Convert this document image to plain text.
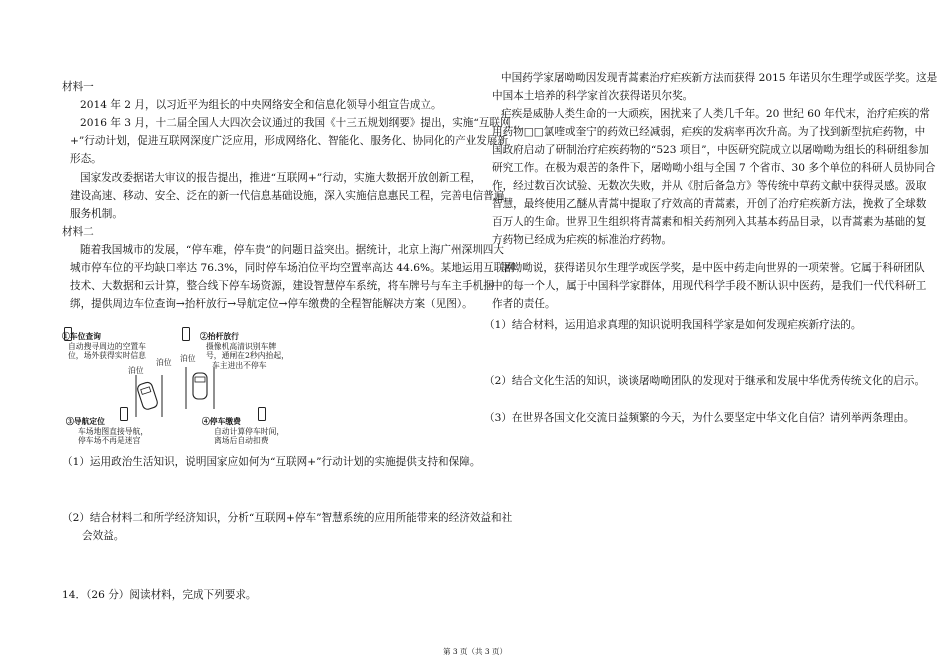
材料一
2014 年 2 月，以习近平为组长的中央网络安全和信息化领导小组宣告成立。
2016 年 3 月，十二届全国人大四次会议通过的我国《十三五规划纲要》提出，实施“互联网
+”行动计划，促进互联网深度广泛应用，形成网络化、智能化、服务化、协同化的产业发展新
形态。
国家发改委据诺大审议的报告提出，推进“互联网+”行动，实施大数据开放创新工程，
建设高速、移动、安全、泛在的新一代信息基础设施，深入实施信息惠民工程，完善电信普遍
服务机制。
材料二
随着我国城市的发展，“停车难，停车贵”的问题日益突出。据统计，北京上海广州深圳四大
城市停车位的平均缺口率达 76.3%，同时停车场泊位平均空置率高达 44.6%。某地运用互联网
技术、大数据和云计算，整合线下停车场资源，建设智慧停车系统，将车牌号与车主手机捆
绑，提供周边车位查询→抬杆放行→导航定位→停车缴费的全程智能解决方案（见图）。
①车位查询
自动搜寻周边的空置车
位，场外获得实时信息
②抬杆放行
摄像机高清识别车牌
号，通闸在2秒内抬起，
车主进出不停车
泊位
泊位 泊位
③导航定位
车场地图直接导航，
停车场不再是迷宫
④停车缴费
自动计算停车时间，
离场后自动扣费
（1）运用政治生活知识，说明国家应如何为“互联网+”行动计划的实施提供支持和保障。
（2）结合材料二和所学经济知识，分析“互联网+停车”智慧系统的应用所能带来的经济效益和社
会效益。
14．（26 分）阅读材料，完成下列要求。
中国药学家屠呦呦因发现青蒿素治疗疟疾新方法而获得 2015 年诺贝尔生理学或医学奖。这是
中国本土培养的科学家首次获得诺贝尔奖。
疟疾是威胁人类生命的一大顽疾，困扰来了人类几千年。20 世纪 60 年代末，治疗疟疾的常
用药物□□氯喹或奎宁的药效已经减弱，疟疾的发病率再次升高。为了找到新型抗疟药物，中
国政府启动了研制治疗疟疾药物的“523 项目”，中医研究院成立以屠呦呦为组长的科研组参加
研究工作。在极为艰苦的条件下，屠呦呦小组与全国 7 个省市、30 多个单位的科研人员协同合
作，经过数百次试验、无数次失败，并从《肘后备急方》等传统中草药文献中获得灵感。汲取
智慧，最终使用乙醚从青蒿中提取了疗效高的青蒿素，开创了治疗疟疾新方法，挽救了全球数
百万人的生命。世界卫生组织将青蒿素和相关药剂列入其基本药品目录，以青蒿素为基础的复
方药物已经成为疟疾的标准治疗药物。
屠呦呦说，获得诺贝尔生理学或医学奖，是中医中药走向世界的一项荣誉。它属于科研团队
中的每一个人，属于中国科学家群体，用现代科学手段不断认识中医药，是我们一代代科研工
作者的责任。
（1）结合材料，运用追求真理的知识说明我国科学家是如何发现疟疾新疗法的。
（2）结合文化生活的知识，谈谈屠呦呦团队的发现对于继承和发展中华优秀传统文化的启示。
（3）在世界各国文化交流日益频繁的今天，为什么要坚定中华文化自信？请列举两条理由。
第 3 页（共 3 页）
